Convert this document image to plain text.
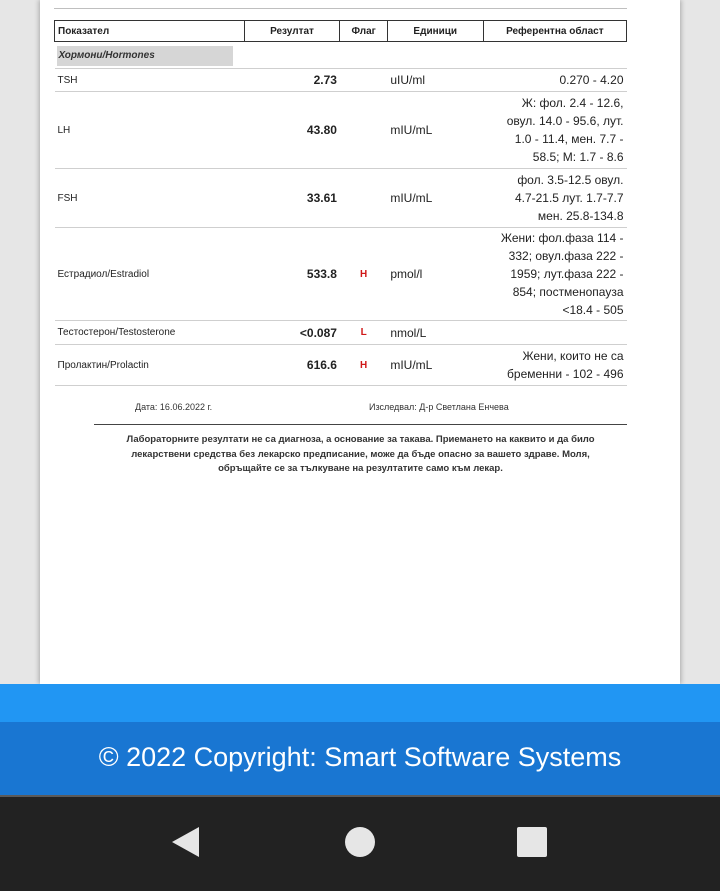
Показател	Резултат	Флаг	Единици	Референтна област

Хормони/Hormones				

TSH	2.73		uIU/ml	0.270 - 4.20

LH	43.80		mIU/mL	Ж: фол. 2.4 - 12.6,
овул. 14.0 - 95.6, лут.
1.0 - 11.4, мен. 7.7 -
58.5; М: 1.7 - 8.6

FSH	33.61		mIU/mL	фол. 3.5-12.5 овул.
4.7-21.5 лут. 1.7-7.7
мен. 25.8-134.8

Естрадиол/Estradiol	533.8	H	pmol/l	Жени: фол.фаза 114 -
332; овул.фаза 222 -
1959; лут.фаза 222 -
854; постменопауза
<18.4 - 505

Тестостерон/Testosterone	<0.087	L	nmol/L	
Пролактин/Prolactin	616.6	H	mIU/mL	Жени, които не са
бременни - 102 - 496
Дата: 16.06.2022 г.	Изследвал: Д-р Светлана Енчева
Лабораторните резултати не са диагноза, а основание за такава. Приемането на каквито и да било
лекарствени средства без лекарско предписание, може да бъде опасно за вашето здраве. Моля,
обръщайте се за тълкуване на резултатите само към лекар.
© 2022 Copyright: Smart Software Systems
